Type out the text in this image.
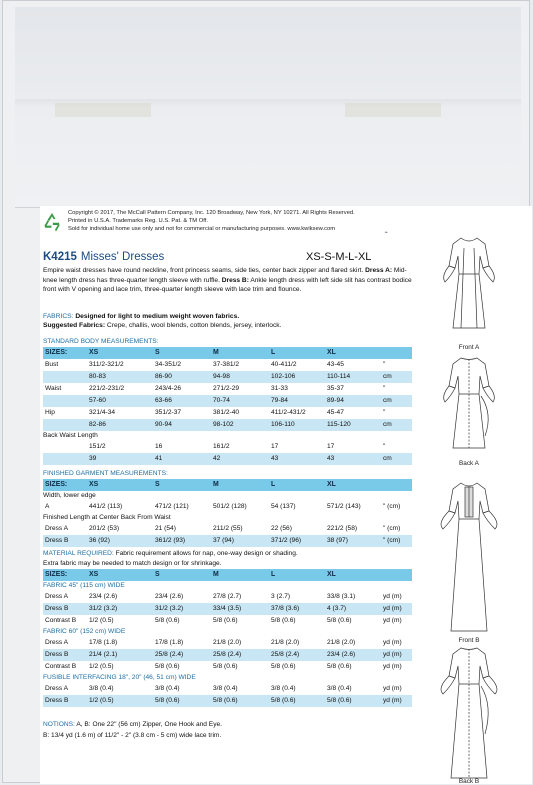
Copyright © 2017, The McCall Pattern Company, Inc. 120 Broadway, New York, NY 10271. All Rights Reserved.
Printed in U.S.A. Trademarks Reg. U.S. Pat. & TM Off.
Sold for individual home use only and not for commercial or manufacturing purposes. www.kwiksew.com
K4215 Misses' Dresses	XS-S-M-L-XL
Empire waist dresses have round neckline, front princess seams, side ties, center back zipper and flared skirt. Dress A: Mid-knee length dress has three-quarter length sleeve with ruffle. Dress B: Ankle length dress with left side slit has contrast bodice front with V opening and lace trim, three-quarter length sleeve with lace trim and flounce.
FABRICS: Designed for light to medium weight woven fabrics.
Suggested Fabrics: Crepe, challis, wool blends, cotton blends, jersey, interlock.
STANDARD BODY MEASUREMENTS:
SIZES:	XS	S	M	L	XL
Bust	311/2-321/2	34-351/2	37-381/2	40-411/2	43-45	"
80-83	86-90	94-98	102-106	110-114	cm
Waist	221/2-231/2	243/4-26	271/2-29	31-33	35-37	"
57-60	63-66	70-74	79-84	89-94	cm
Hip	321/4-34	351/2-37	381/2-40	411/2-431/2	45-47	"
82-86	90-94	98-102	106-110	115-120	cm
Back Waist Length
151/2	16	161/2	17	17	"
39	41	42	43	43	cm
FINISHED GARMENT MEASUREMENTS:
SIZES:	XS	S	M	L	XL
Width, lower edge
A	441/2 (113)	471/2 (121)	501/2 (128)	54 (137)	571/2 (143)	" (cm)
Finished Length at Center Back From Waist
Dress A	201/2 (53)	21 (54)	211/2 (55)	22 (56)	221/2 (58)	" (cm)
Dress B	36 (92)	361/2 (93)	37 (94)	371/2 (96)	38 (97)	" (cm)
MATERIAL REQUIRED: Fabric requirement allows for nap, one-way design or shading.
Extra fabric may be needed to match design or for shrinkage.
SIZES:	XS	S	M	L	XL
FABRIC 45" (115 cm) WIDE
Dress A	23/4 (2.6)	23/4 (2.6)	27/8 (2.7)	3 (2.7)	33/8 (3.1)	yd (m)
Dress B	31/2 (3.2)	31/2 (3.2)	33/4 (3.5)	37/8 (3.6)	4 (3.7)	yd (m)
Contrast B 1/2 (0.5)	5/8 (0.6)	5/8 (0.6)	5/8 (0.6)	5/8 (0.6)	yd (m)
FABRIC 60" (152 cm) WIDE
Dress A	17/8 (1.8)	17/8 (1.8)	21/8 (2.0)	21/8 (2.0)	21/8 (2.0)	yd (m)
Dress B	21/4 (2.1)	25/8 (2.4)	25/8 (2.4)	25/8 (2.4)	23/4 (2.6)	yd (m)
Contrast B 1/2 (0.5)	5/8 (0.6)	5/8 (0.6)	5/8 (0.6)	5/8 (0.6)	yd (m)
FUSIBLE INTERFACING 18", 20" (46, 51 cm) WIDE
Dress A	3/8 (0.4)	3/8 (0.4)	3/8 (0.4)	3/8 (0.4)	3/8 (0.4)	yd (m)
Dress B	1/2 (0.5)	5/8 (0.6)	5/8 (0.6)	5/8 (0.6)	5/8 (0.6)	yd (m)
NOTIONS: A, B: One 22" (56 cm) Zipper, One Hook and Eye.
B: 13/4 yd (1.6 m) of 11/2" - 2" (3.8 cm - 5 cm) wide lace trim.
⌁
Front A
Back A
Front B
Back B
